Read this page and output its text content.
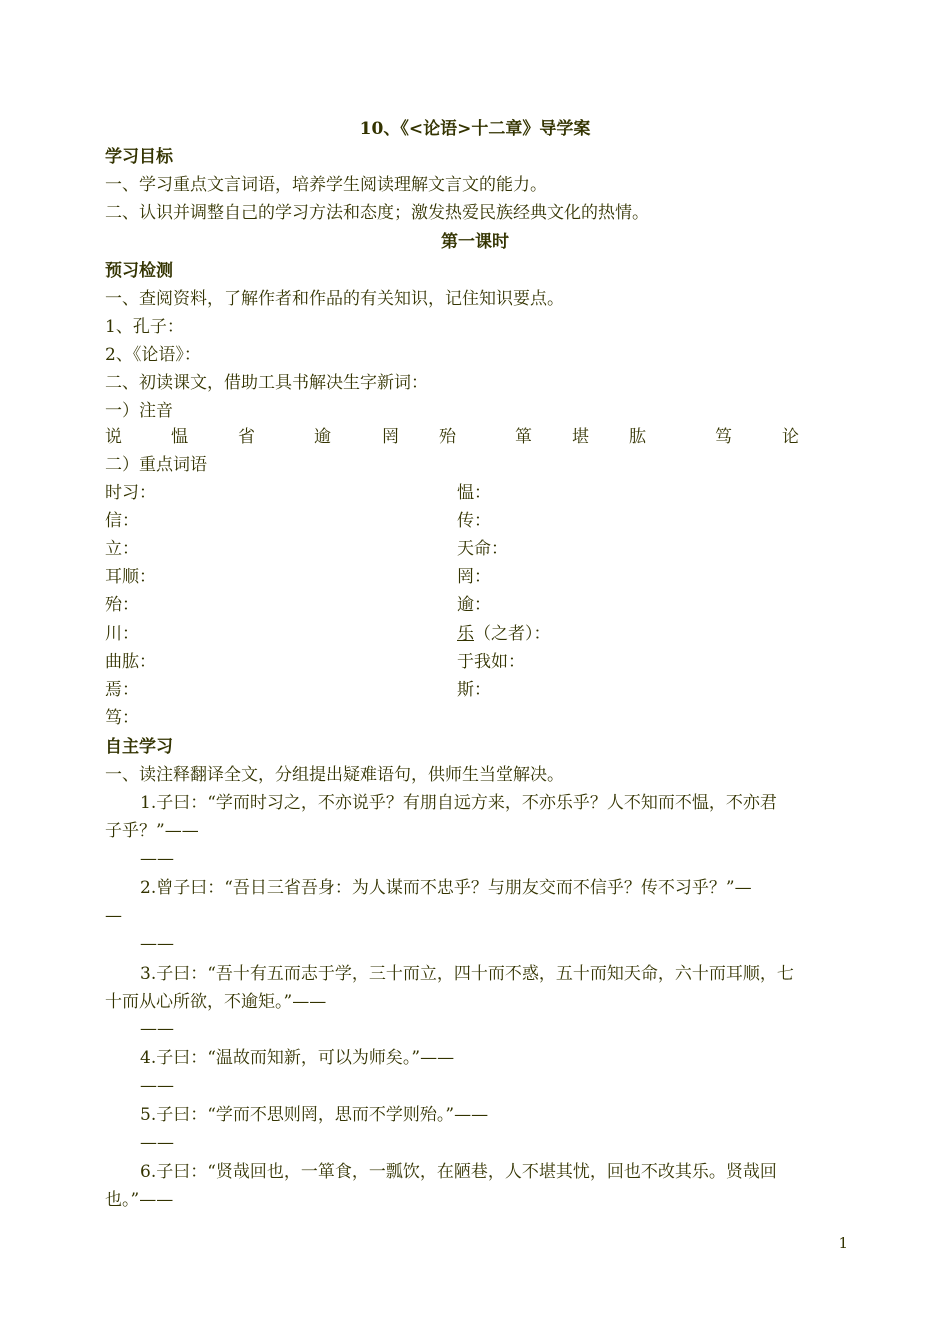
10、《<论语>十二章》导学案
学习目标
一、学习重点文言词语，培养学生阅读理解文言文的能力。
二、认识并调整自己的学习方法和态度；激发热爱民族经典文化的热情。
第一课时
预习检测
一、查阅资料，了解作者和作品的有关知识，记住知识要点。
1、孔子：
2、《论语》：
二、初读课文，借助工具书解决生字新词：
一）注音
说	愠	省	逾	罔 殆	箪 堪 肱	笃	论
二）重点词语
时习：	愠：
信：	传：
立：	天命：
耳顺：	罔：
殆：	逾：
川：	乐（之者）：
曲肱：	于我如：
焉：	斯：
笃：
自主学习
一、读注释翻译全文，分组提出疑难语句，供师生当堂解决。
1.子曰：“学而时习之，不亦说乎？有朋自远方来，不亦乐乎？人不知而不愠，不亦君
子乎？”——
——
2.曾子曰：“吾日三省吾身：为人谋而不忠乎？与朋友交而不信乎？传不习乎？”—
—
——
3.子曰：“吾十有五而志于学，三十而立，四十而不惑，五十而知天命，六十而耳顺，七
十而从心所欲，不逾矩。”——
——
4.子曰：“温故而知新，可以为师矣。”——
——
5.子曰：“学而不思则罔，思而不学则殆。”——
——
6.子曰：“贤哉回也，一箪食，一瓢饮，在陋巷，人不堪其忧，回也不改其乐。贤哉回
也。”——
1
